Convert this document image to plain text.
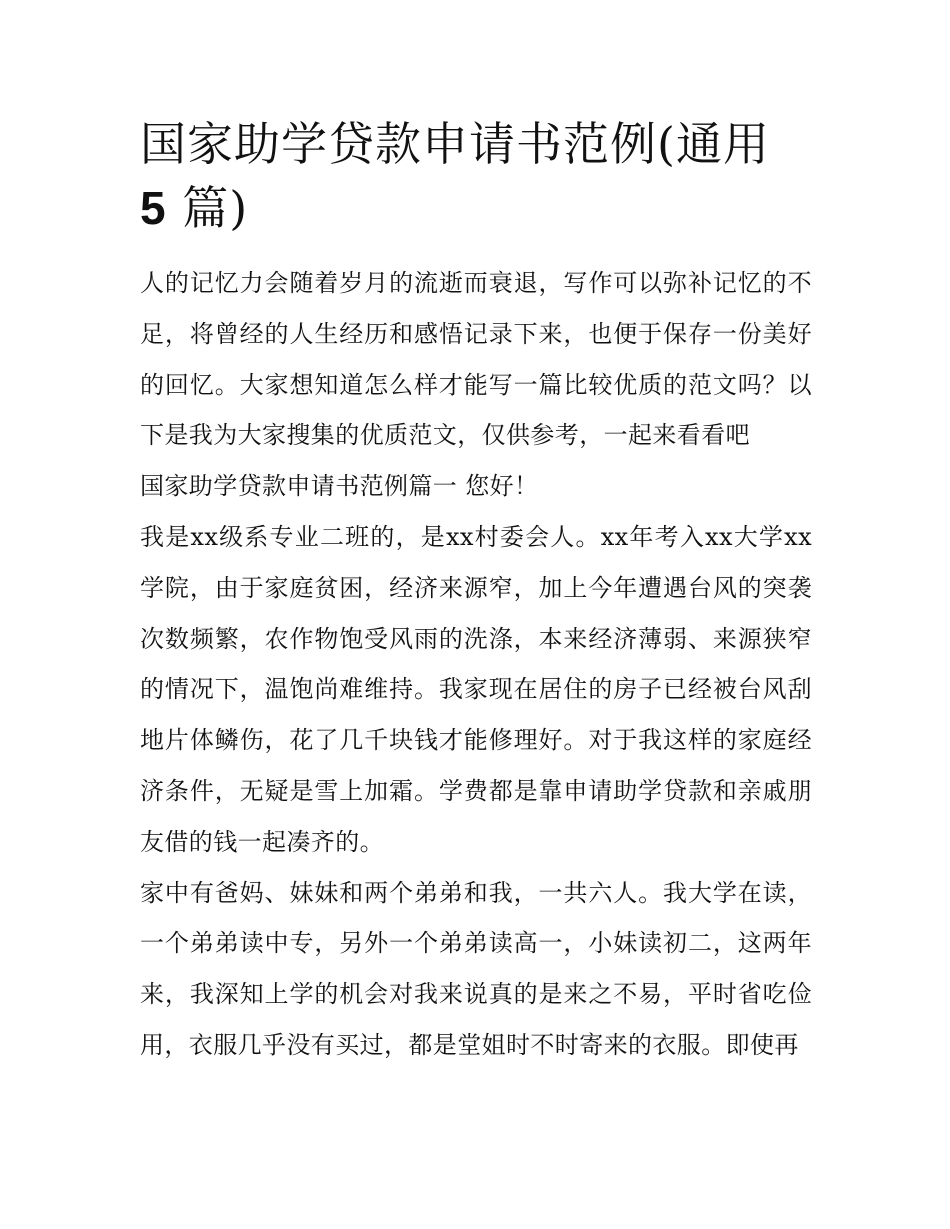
国家助学贷款申请书范例(通用
5 篇)

人的记忆力会随着岁月的流逝而衰退，写作可以弥补记忆的不足，将曾经的人生经历和感悟记录下来，也便于保存一份美好的回忆。大家想知道怎么样才能写一篇比较优质的范文吗？以下是我为大家搜集的优质范文，仅供参考，一起来看看吧

国家助学贷款申请书范例篇一 您好！

我是xx级系专业二班的，是xx村委会人。xx年考入xx大学xx学院，由于家庭贫困，经济来源窄，加上今年遭遇台风的突袭次数频繁，农作物饱受风雨的洗涤，本来经济薄弱、来源狭窄的情况下，温饱尚难维持。我家现在居住的房子已经被台风刮地片体鳞伤，花了几千块钱才能修理好。对于我这样的家庭经济条件，无疑是雪上加霜。学费都是靠申请助学贷款和亲戚朋友借的钱一起凑齐的。

家中有爸妈、妹妹和两个弟弟和我，一共六人。我大学在读，一个弟弟读中专，另外一个弟弟读高一，小妹读初二，这两年来，我深知上学的机会对我来说真的是来之不易，平时省吃俭用，衣服几乎没有买过，都是堂姐时不时寄来的衣服。即使再
